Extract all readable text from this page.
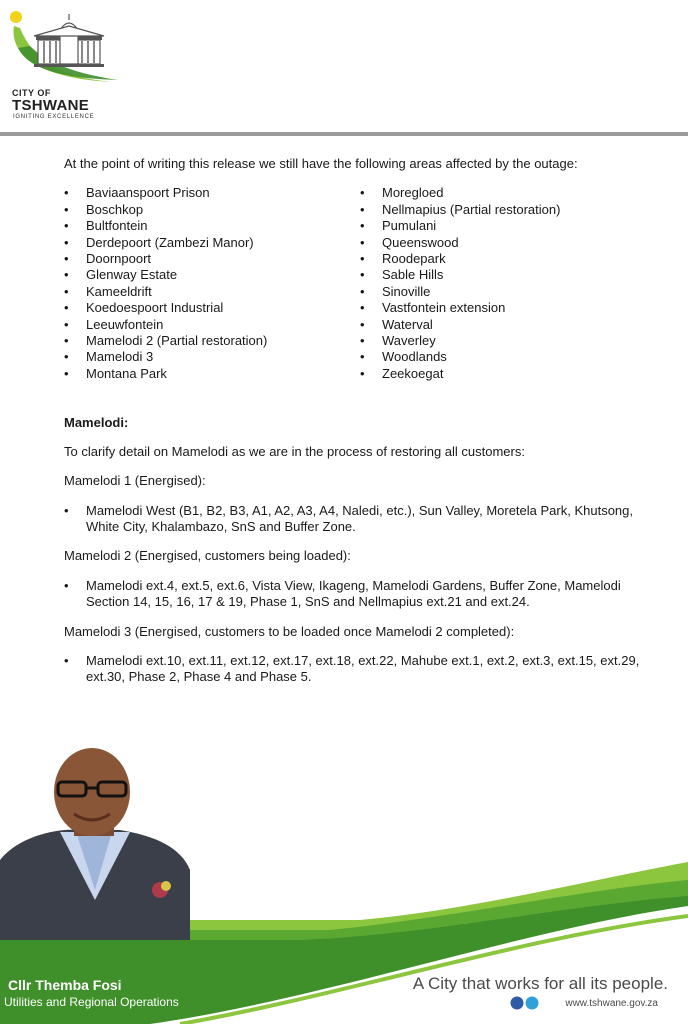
CITY OF
TSHWANE
IGNITING EXCELLENCE

At the point of writing this release we still have the following areas affected by the outage:

• Baviaanspoort Prison
• Boschkop
• Bultfontein
• Derdepoort (Zambezi Manor)
• Doornpoort
• Glenway Estate
• Kameeldrift
• Koedoespoort Industrial
• Leeuwfontein
• Mamelodi 2 (Partial restoration)
• Mamelodi 3
• Montana Park
• Moregloed
• Nellmapius (Partial restoration)
• Pumulani
• Queenswood
• Roodepark
• Sable Hills
• Sinoville
• Vastfontein extension
• Waterval
• Waverley
• Woodlands
• Zeekoegat

Mamelodi:

To clarify detail on Mamelodi as we are in the process of restoring all customers:

Mamelodi 1 (Energised):

• Mamelodi West (B1, B2, B3, A1, A2, A3, A4, Naledi, etc.), Sun Valley, Moretela Park, Khutsong, White City, Khalambazo, SnS and Buffer Zone.

Mamelodi 2 (Energised, customers being loaded):

• Mamelodi ext.4, ext.5, ext.6, Vista View, Ikageng, Mamelodi Gardens, Buffer Zone, Mamelodi Section 14, 15, 16, 17 & 19, Phase 1, SnS and Nellmapius ext.21 and ext.24.

Mamelodi 3 (Energised, customers to be loaded once Mamelodi 2 completed):

• Mamelodi ext.10, ext.11, ext.12, ext.17, ext.18, ext.22, Mahube ext.1, ext.2, ext.3, ext.15, ext.29, ext.30, Phase 2, Phase 4 and Phase 5.
Cllr Themba Fosi
Utilities and Regional Operations
A City that works for all its people.
www.tshwane.gov.za
